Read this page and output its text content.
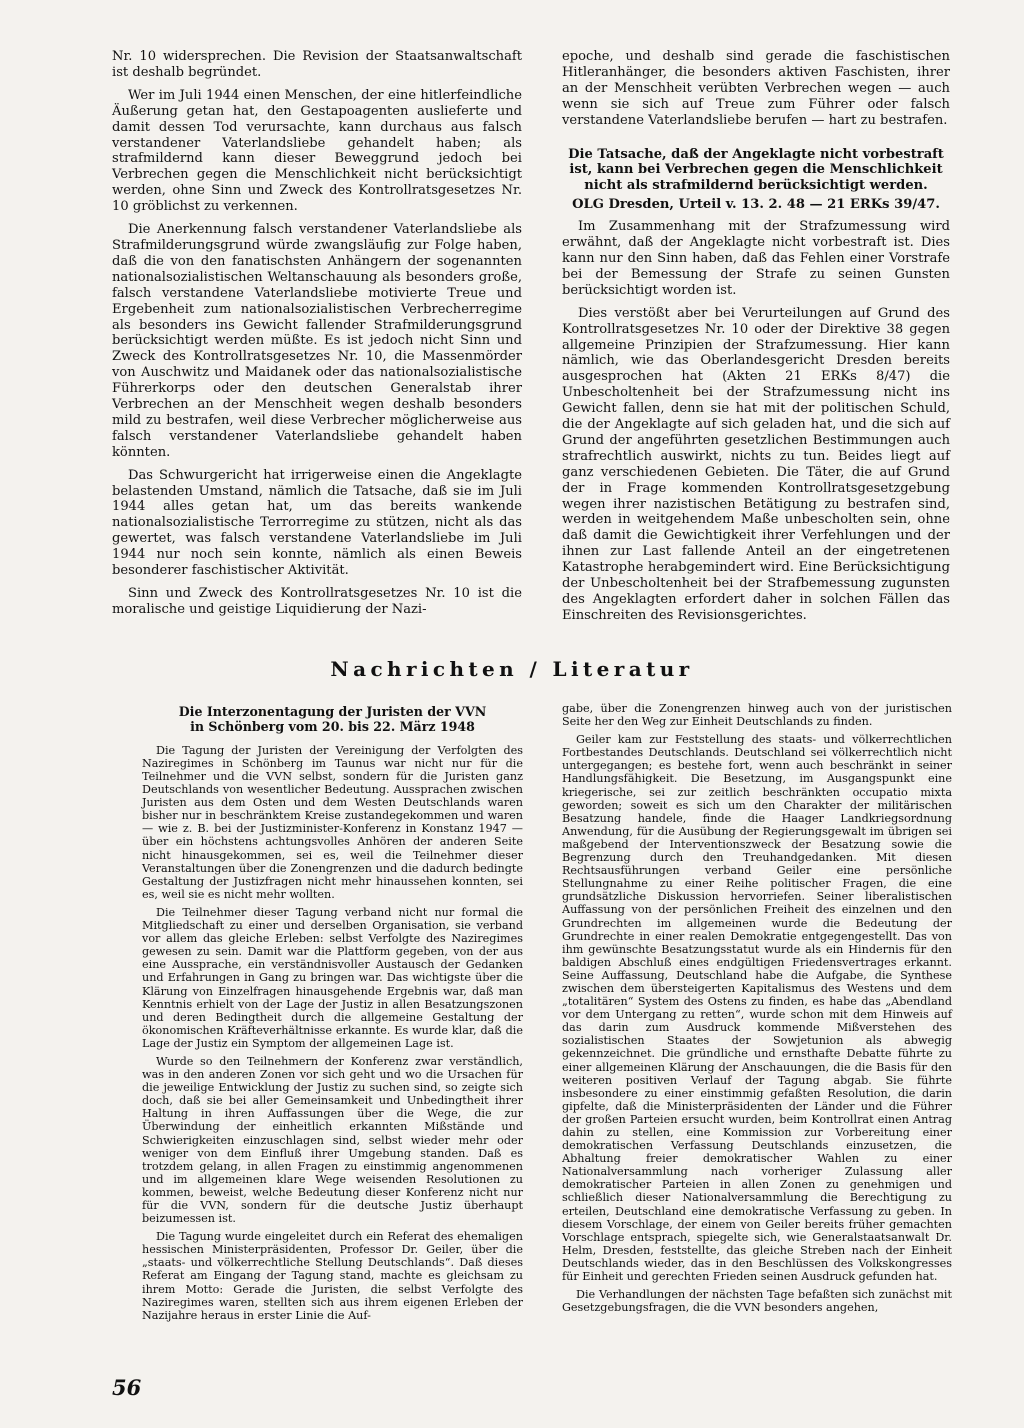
Nr. 10 widersprechen. Die Revision der Staatsanwaltschaft ist deshalb begründet.

Wer im Juli 1944 einen Menschen, der eine hitlerfeindliche Äußerung getan hat, den Gestapoagenten auslieferte und damit dessen Tod verursachte, kann durchaus aus falsch verstandener Vaterlandsliebe gehandelt haben; als strafmildernd kann dieser Beweggrund jedoch bei Verbrechen gegen die Menschlichkeit nicht berücksichtigt werden, ohne Sinn und Zweck des Kontrollratsgesetzes Nr. 10 gröblichst zu verkennen.

Die Anerkennung falsch verstandener Vaterlandsliebe als Strafmilderungsgrund würde zwangsläufig zur Folge haben, daß die von den fanatischsten Anhängern der sogenannten nationalsozialistischen Weltanschauung als besonders große, falsch verstandene Vaterlandsliebe motivierte Treue und Ergebenheit zum nationalsozialistischen Verbrecherregime als besonders ins Gewicht fallender Strafmilderungsgrund berücksichtigt werden müßte. Es ist jedoch nicht Sinn und Zweck des Kontrollratsgesetzes Nr. 10, die Massenmörder von Auschwitz und Maidanek oder das nationalsozialistische Führerkorps oder den deutschen Generalstab ihrer Verbrechen an der Menschheit wegen deshalb besonders mild zu bestrafen, weil diese Verbrecher möglicherweise aus falsch verstandener Vaterlandsliebe gehandelt haben könnten.

Das Schwurgericht hat irrigerweise einen die Angeklagte belastenden Umstand, nämlich die Tatsache, daß sie im Juli 1944 alles getan hat, um das bereits wankende nationalsozialistische Terrorregime zu stützen, nicht als das gewertet, was falsch verstandene Vaterlandsliebe im Juli 1944 nur noch sein konnte, nämlich als einen Beweis besonderer faschistischer Aktivität.

Sinn und Zweck des Kontrollratsgesetzes Nr. 10 ist die moralische und geistige Liquidierung der Nazi-

epoche, und deshalb sind gerade die faschistischen Hitleranhänger, die besonders aktiven Faschisten, ihrer an der Menschheit verübten Verbrechen wegen — auch wenn sie sich auf Treue zum Führer oder falsch verstandene Vaterlandsliebe berufen — hart zu bestrafen.

Die Tatsache, daß der Angeklagte nicht vorbestraft ist, kann bei Verbrechen gegen die Menschlichkeit nicht als strafmildernd berücksichtigt werden.

OLG Dresden, Urteil v. 13. 2. 48 — 21 ERKs 39/47.

Im Zusammenhang mit der Strafzumessung wird erwähnt, daß der Angeklagte nicht vorbestraft ist. Dies kann nur den Sinn haben, daß das Fehlen einer Vorstrafe bei der Bemessung der Strafe zu seinen Gunsten berücksichtigt worden ist.

Dies verstößt aber bei Verurteilungen auf Grund des Kontrollratsgesetzes Nr. 10 oder der Direktive 38 gegen allgemeine Prinzipien der Strafzumessung. Hier kann nämlich, wie das Oberlandesgericht Dresden bereits ausgesprochen hat (Akten 21 ERKs 8/47) die Unbescholtenheit bei der Strafzumessung nicht ins Gewicht fallen, denn sie hat mit der politischen Schuld, die der Angeklagte auf sich geladen hat, und die sich auf Grund der angeführten gesetzlichen Bestimmungen auch strafrechtlich auswirkt, nichts zu tun. Beides liegt auf ganz verschiedenen Gebieten. Die Täter, die auf Grund der in Frage kommenden Kontrollratsgesetzgebung wegen ihrer nazistischen Betätigung zu bestrafen sind, werden in weitgehendem Maße unbescholten sein, ohne daß damit die Gewichtigkeit ihrer Verfehlungen und der ihnen zur Last fallende Anteil an der eingetretenen Katastrophe herabgemindert wird. Eine Berücksichtigung der Unbescholtenheit bei der Strafbemessung zugunsten des Angeklagten erfordert daher in solchen Fällen das Einschreiten des Revisionsgerichtes.

Nachrichten / Literatur
Die Interzonentagung der Juristen der VVN
in Schönberg vom 20. bis 22. März 1948

Die Tagung der Juristen der Vereinigung der Verfolgten des Naziregimes in Schönberg im Taunus war nicht nur für die Teilnehmer und die VVN selbst, sondern für die Juristen ganz Deutschlands von wesentlicher Bedeutung. Aussprachen zwischen Juristen aus dem Osten und dem Westen Deutschlands waren bisher nur in beschränktem Kreise zustandegekommen und waren — wie z. B. bei der Justizminister-Konferenz in Konstanz 1947 — über ein höchstens achtungsvolles Anhören der anderen Seite nicht hinausgekommen, sei es, weil die Teilnehmer dieser Veranstaltungen über die Zonengrenzen und die dadurch bedingte Gestaltung der Justizfragen nicht mehr hinaussehen konnten, sei es, weil sie es nicht mehr wollten.

Die Teilnehmer dieser Tagung verband nicht nur formal die Mitgliedschaft zu einer und derselben Organisation, sie verband vor allem das gleiche Erleben: selbst Verfolgte des Naziregimes gewesen zu sein. Damit war die Plattform gegeben, von der aus eine Aussprache, ein verständnisvoller Austausch der Gedanken und Erfahrungen in Gang zu bringen war. Das wichtigste über die Klärung von Einzelfragen hinausgehende Ergebnis war, daß man Kenntnis erhielt von der Lage der Justiz in allen Besatzungszonen und deren Bedingtheit durch die allgemeine Gestaltung der ökonomischen Kräfteverhältnisse erkannte. Es wurde klar, daß die Lage der Justiz ein Symptom der allgemeinen Lage ist.

Wurde so den Teilnehmern der Konferenz zwar verständlich, was in den anderen Zonen vor sich geht und wo die Ursachen für die jeweilige Entwicklung der Justiz zu suchen sind, so zeigte sich doch, daß sie bei aller Gemeinsamkeit und Unbedingtheit ihrer Haltung in ihren Auffassungen über die Wege, die zur Überwindung der einheitlich erkannten Mißstände und Schwierigkeiten einzuschlagen sind, selbst wieder mehr oder weniger von dem Einfluß ihrer Umgebung standen. Daß es trotzdem gelang, in allen Fragen zu einstimmig angenommenen und im allgemeinen klare Wege weisenden Resolutionen zu kommen, beweist, welche Bedeutung dieser Konferenz nicht nur für die VVN, sondern für die deutsche Justiz überhaupt beizumessen ist.

Die Tagung wurde eingeleitet durch ein Referat des ehemaligen hessischen Ministerpräsidenten, Professor Dr. Geiler, über die „staats- und völkerrechtliche Stellung Deutschlands“. Daß dieses Referat am Eingang der Tagung stand, machte es gleichsam zu ihrem Motto: Gerade die Juristen, die selbst Verfolgte des Naziregimes waren, stellten sich aus ihrem eigenen Erleben der Nazijahre heraus in erster Linie die Auf-

gabe, über die Zonengrenzen hinweg auch von der juristischen Seite her den Weg zur Einheit Deutschlands zu finden.

Geiler kam zur Feststellung des staats- und völkerrechtlichen Fortbestandes Deutschlands. Deutschland sei völkerrechtlich nicht untergegangen; es bestehe fort, wenn auch beschränkt in seiner Handlungsfähigkeit. Die Besetzung, im Ausgangspunkt eine kriegerische, sei zur zeitlich beschränkten occupatio mixta geworden; soweit es sich um den Charakter der militärischen Besatzung handele, finde die Haager Landkriegsordnung Anwendung, für die Ausübung der Regierungsgewalt im übrigen sei maßgebend der Interventionszweck der Besatzung sowie die Begrenzung durch den Treuhandgedanken. Mit diesen Rechtsausführungen verband Geiler eine persönliche Stellungnahme zu einer Reihe politischer Fragen, die eine grundsätzliche Diskussion hervorriefen. Seiner liberalistischen Auffassung von der persönlichen Freiheit des einzelnen und den Grundrechten im allgemeinen wurde die Bedeutung der Grundrechte in einer realen Demokratie entgegengestellt. Das von ihm gewünschte Besatzungsstatut wurde als ein Hindernis für den baldigen Abschluß eines endgültigen Friedensvertrages erkannt. Seine Auffassung, Deutschland habe die Aufgabe, die Synthese zwischen dem übersteigerten Kapitalismus des Westens und dem „totalitären“ System des Ostens zu finden, es habe das „Abendland vor dem Untergang zu retten“, wurde schon mit dem Hinweis auf das darin zum Ausdruck kommende Mißverstehen des sozialistischen Staates der Sowjetunion als abwegig gekennzeichnet. Die gründliche und ernsthafte Debatte führte zu einer allgemeinen Klärung der Anschauungen, die die Basis für den weiteren positiven Verlauf der Tagung abgab. Sie führte insbesondere zu einer einstimmig gefaßten Resolution, die darin gipfelte, daß die Ministerpräsidenten der Länder und die Führer der großen Parteien ersucht wurden, beim Kontrollrat einen Antrag dahin zu stellen, eine Kommission zur Vorbereitung einer demokratischen Verfassung Deutschlands einzusetzen, die Abhaltung freier demokratischer Wahlen zu einer Nationalversammlung nach vorheriger Zulassung aller demokratischer Parteien in allen Zonen zu genehmigen und schließlich dieser Nationalversammlung die Berechtigung zu erteilen, Deutschland eine demokratische Verfassung zu geben. In diesem Vorschlage, der einem von Geiler bereits früher gemachten Vorschlage entsprach, spiegelte sich, wie Generalstaatsanwalt Dr. Helm, Dresden, feststellte, das gleiche Streben nach der Einheit Deutschlands wieder, das in den Beschlüssen des Volkskongresses für Einheit und gerechten Frieden seinen Ausdruck gefunden hat.

Die Verhandlungen der nächsten Tage befaßten sich zunächst mit Gesetzgebungsfragen, die die VVN besonders angehen,

56
